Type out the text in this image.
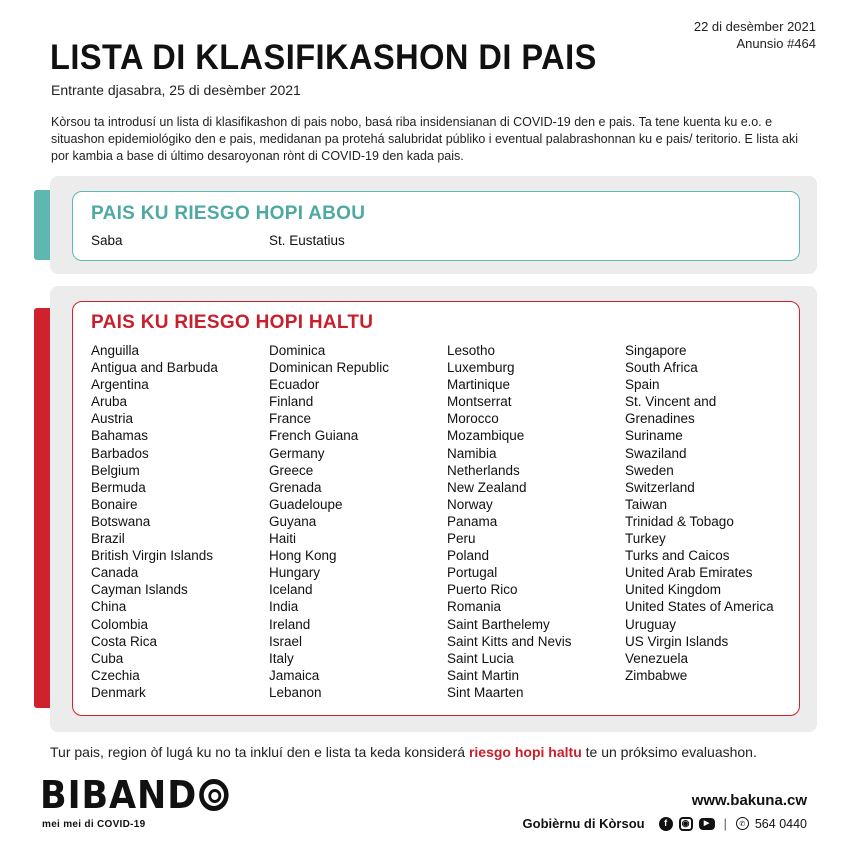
22 di desèmber 2021
Anunsio #464
LISTA DI KLASIFIKASHON DI PAIS
Entrante djasabra, 25 di desèmber 2021
Kòrsou ta introdusí un lista di klasifikashon di pais nobo, basá riba insidensianan di COVID-19 den e pais. Ta tene kuenta ku e.o. e situashon epidemiológiko den e pais, medidanan pa protehá salubridat públiko i eventual palabrashonnan ku e pais/ teritorio. E lista aki por kambia a base di último desaroyonan rònt di COVID-19 den kada pais.
PAIS KU RIESGO HOPI ABOU
Saba	St. Eustatius
PAIS KU RIESGO HOPI HALTU
Anguilla
Antigua and Barbuda
Argentina
Aruba
Austria
Bahamas
Barbados
Belgium
Bermuda
Bonaire
Botswana
Brazil
British Virgin Islands
Canada
Cayman Islands
China
Colombia
Costa Rica
Cuba
Czechia
Denmark
Dominica
Dominican Republic
Ecuador
Finland
France
French Guiana
Germany
Greece
Grenada
Guadeloupe
Guyana
Haiti
Hong Kong
Hungary
Iceland
India
Ireland
Israel
Italy
Jamaica
Lebanon
Lesotho
Luxemburg
Martinique
Montserrat
Morocco
Mozambique
Namibia
Netherlands
New Zealand
Norway
Panama
Peru
Poland
Portugal
Puerto Rico
Romania
Saint Barthelemy
Saint Kitts and Nevis
Saint Lucia
Saint Martin
Sint Maarten
Singapore
South Africa
Spain
St. Vincent and
Grenadines
Suriname
Swaziland
Sweden
Switzerland
Taiwan
Trinidad & Tobago
Turkey
Turks and Caicos
United Arab Emirates
United Kingdom
United States of America
Uruguay
US Virgin Islands
Venezuela
Zimbabwe
Tur pais, region òf lugá ku no ta inkluí den e lista ta keda konsiderá riesgo hopi haltu te un próksimo evaluashon.
BIBAND
mei mei di COVID-19
www.bakuna.cw
Gobièrnu di Kòrsou	f	◉	▶	|	✆ 564 0440
